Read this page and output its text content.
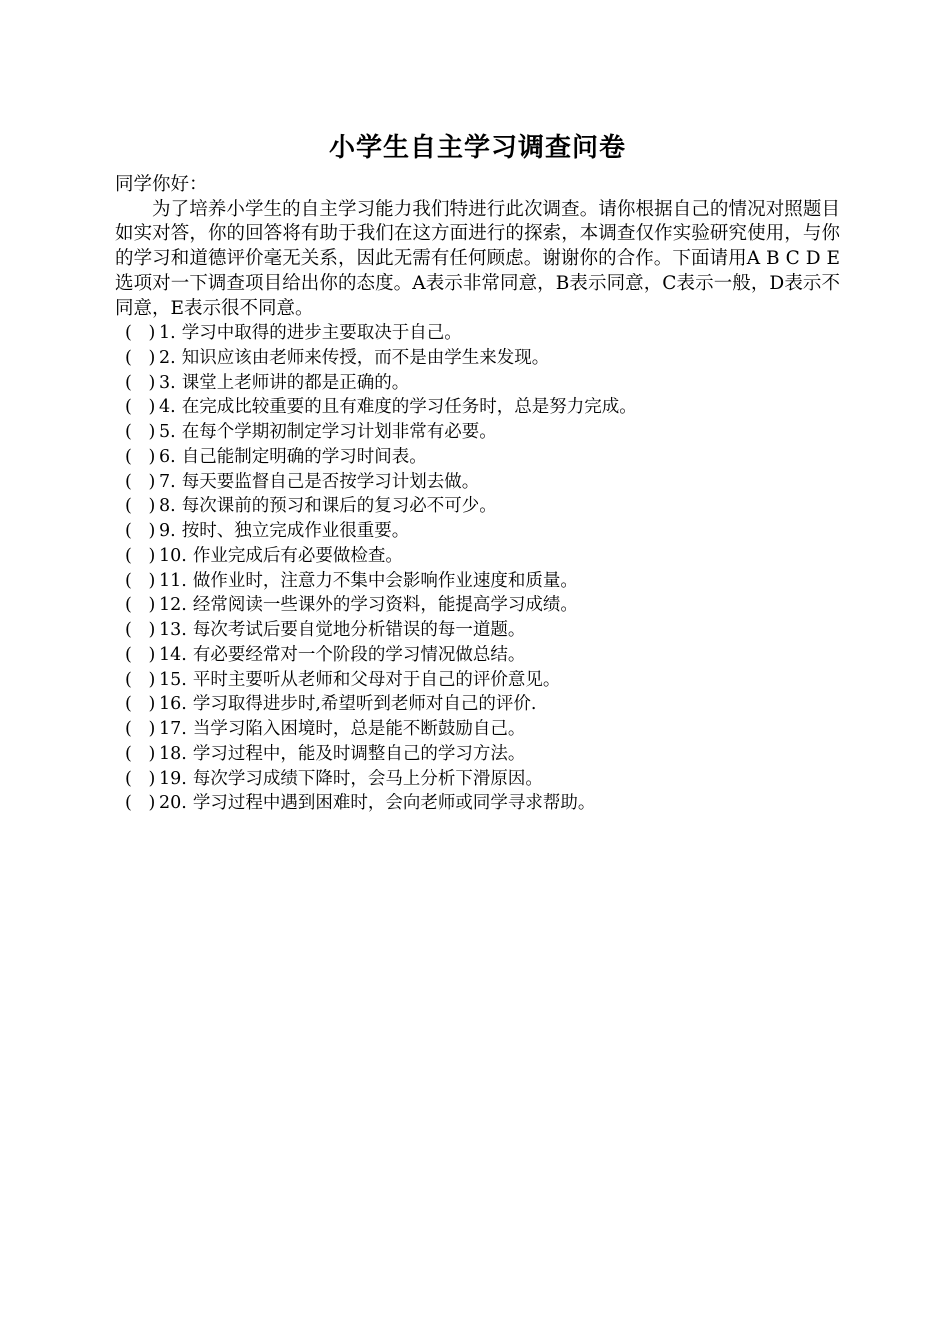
小学生自主学习调查问卷
同学你好：
为了培养小学生的自主学习能力我们特进行此次调查。请你根据自己的情况对照题目如实对答，你的回答将有助于我们在这方面进行的探索，本调查仅作实验研究使用，与你的学习和道德评价毫无关系，因此无需有任何顾虑。谢谢你的合作。下面请用A B C D E选项对一下调查项目给出你的态度。A表示非常同意，B表示同意，C表示一般，D表示不同意，E表示很不同意。
(   ) 1. 学习中取得的进步主要取决于自己。
(   ) 2. 知识应该由老师来传授，而不是由学生来发现。
(   ) 3. 课堂上老师讲的都是正确的。
(   ) 4. 在完成比较重要的且有难度的学习任务时，总是努力完成。
(   ) 5. 在每个学期初制定学习计划非常有必要。
(   ) 6. 自己能制定明确的学习时间表。
(   ) 7. 每天要监督自己是否按学习计划去做。
(   ) 8. 每次课前的预习和课后的复习必不可少。
(   ) 9. 按时、独立完成作业很重要。
(   ) 10. 作业完成后有必要做检查。
(   ) 11. 做作业时，注意力不集中会影响作业速度和质量。
(   ) 12. 经常阅读一些课外的学习资料，能提高学习成绩。
(   ) 13. 每次考试后要自觉地分析错误的每一道题。
(   ) 14. 有必要经常对一个阶段的学习情况做总结。
(   ) 15. 平时主要听从老师和父母对于自己的评价意见。
(   ) 16. 学习取得进步时,希望听到老师对自己的评价.
(   ) 17. 当学习陷入困境时，总是能不断鼓励自己。
(   ) 18. 学习过程中，能及时调整自己的学习方法。
(   ) 19. 每次学习成绩下降时，会马上分析下滑原因。
(   ) 20. 学习过程中遇到困难时，会向老师或同学寻求帮助。
